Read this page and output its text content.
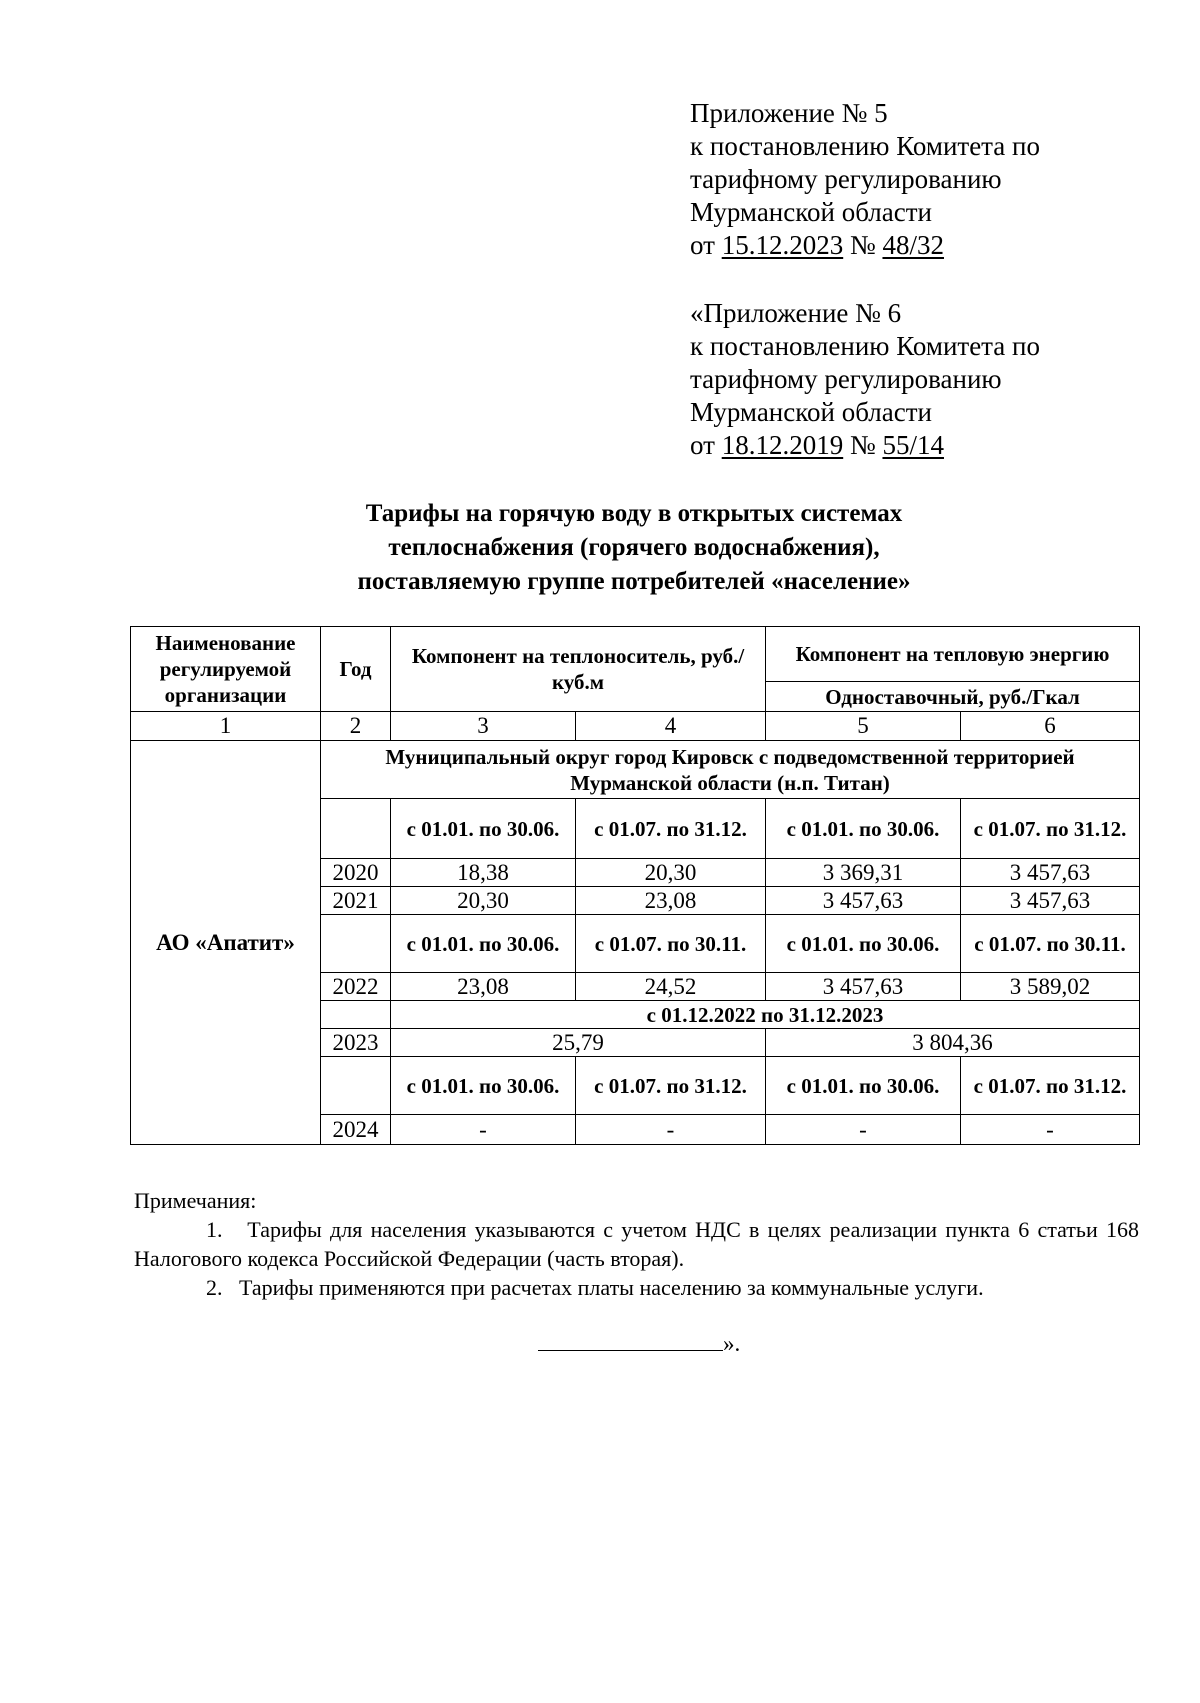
Приложение № 5
к постановлению Комитета по
тарифному регулированию
Мурманской области
от 15.12.2023 № 48/32
«Приложение № 6
к постановлению Комитета по
тарифному регулированию
Мурманской области
от 18.12.2019 № 55/14
Тарифы на горячую воду в открытых системах
теплоснабжения (горячего водоснабжения),
поставляемую группе потребителей «население»
Наименование регулируемой организации	Год	Компонент на теплоноситель, руб./куб.м		Компонент на тепловую энергию	
				Одноставочный, руб./Гкал	
1	2	3	4	5	6
АО «Апатит»	Муниципальный округ город Кировск с подведомственной территорией Мурманской области (н.п. Титан)				
		с 01.01. по 30.06.	с 01.07. по 31.12.	с 01.01. по 30.06.	с 01.07. по 31.12.
	2020	18,38	20,30	3 369,31	3 457,63
	2021	20,30	23,08	3 457,63	3 457,63
		с 01.01. по 30.06.	с 01.07. по 30.11.	с 01.01. по 30.06.	с 01.07. по 30.11.
	2022	23,08	24,52	3 457,63	3 589,02
		с 01.12.2022 по 31.12.2023			
	2023	25,79		3 804,36	
		с 01.01. по 30.06.	с 01.07. по 31.12.	с 01.01. по 30.06.	с 01.07. по 31.12.
	2024	-	-	-	-

Примечания:

1. Тарифы для населения указываются с учетом НДС в целях реализации пункта 6 статьи 168 Налогового кодекса Российской Федерации (часть вторая).

2. Тарифы применяются при расчетах платы населению за коммунальные услуги.

».
